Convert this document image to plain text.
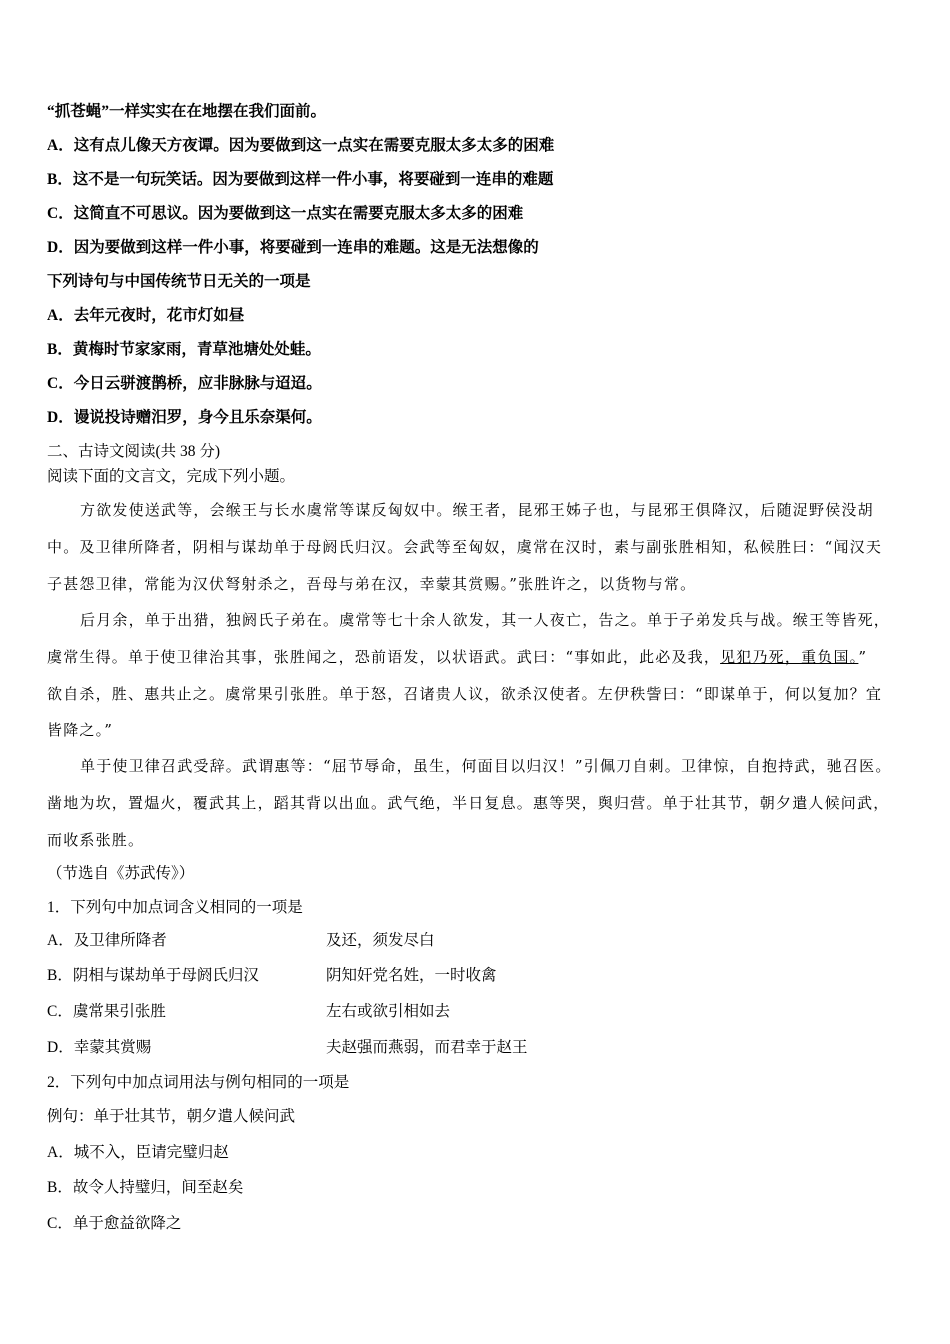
“抓苍蝇”一样实实在在地摆在我们面前。
A．这有点儿像天方夜谭。因为要做到这一点实在需要克服太多太多的困难
B．这不是一句玩笑话。因为要做到这样一件小事，将要碰到一连串的难题
C．这简直不可思议。因为要做到这一点实在需要克服太多太多的困难
D．因为要做到这样一件小事，将要碰到一连串的难题。这是无法想像的
下列诗句与中国传统节日无关的一项是
A．去年元夜时，花市灯如昼
B．黄梅时节家家雨，青草池塘处处蛙。
C．今日云骈渡鹊桥，应非脉脉与迢迢。
D．谩说投诗赠汨罗，身今且乐奈渠何。
二、古诗文阅读(共 38 分)
阅读下面的文言文，完成下列小题。
方欲发使送武等，会缑王与长水虞常等谋反匈奴中。缑王者，昆邪王姊子也，与昆邪王俱降汉，后随浞野侯没胡
中。及卫律所降者，阴相与谋劫单于母阏氏归汉。会武等至匈奴，虞常在汉时，素与副张胜相知，私候胜曰：“闻汉天
子甚怨卫律，常能为汉伏弩射杀之，吾母与弟在汉，幸蒙其赏赐。”张胜许之，以货物与常。
后月余，单于出猎，独阏氏子弟在。虞常等七十余人欲发，其一人夜亡，告之。单于子弟发兵与战。缑王等皆死，
虞常生得。单于使卫律治其事，张胜闻之，恐前语发，以状语武。武曰：“事如此，此必及我，见犯乃死，重负国。”
欲自杀，胜、惠共止之。虞常果引张胜。单于怒，召诸贵人议，欲杀汉使者。左伊秩訾曰：“即谋单于，何以复加？宜
皆降之。”
单于使卫律召武受辞。武谓惠等：“屈节辱命，虽生，何面目以归汉！”引佩刀自刺。卫律惊，自抱持武，驰召医。
凿地为坎，置煴火，覆武其上，蹈其背以出血。武气绝，半日复息。惠等哭，舆归营。单于壮其节，朝夕遣人候问武，
而收系张胜。
（节选自《苏武传》）
1．下列句中加点词含义相同的一项是
A．及卫律所降者	及还，须发尽白
B．阴相与谋劫单于母阏氏归汉	阴知奸党名姓，一时收禽
C．虞常果引张胜	左右或欲引相如去
D．幸蒙其赏赐	夫赵强而燕弱，而君幸于赵王
2．下列句中加点词用法与例句相同的一项是
例句：单于壮其节，朝夕遣人候问武
A．城不入，臣请完璧归赵
B．故令人持璧归，间至赵矣
C．单于愈益欲降之
